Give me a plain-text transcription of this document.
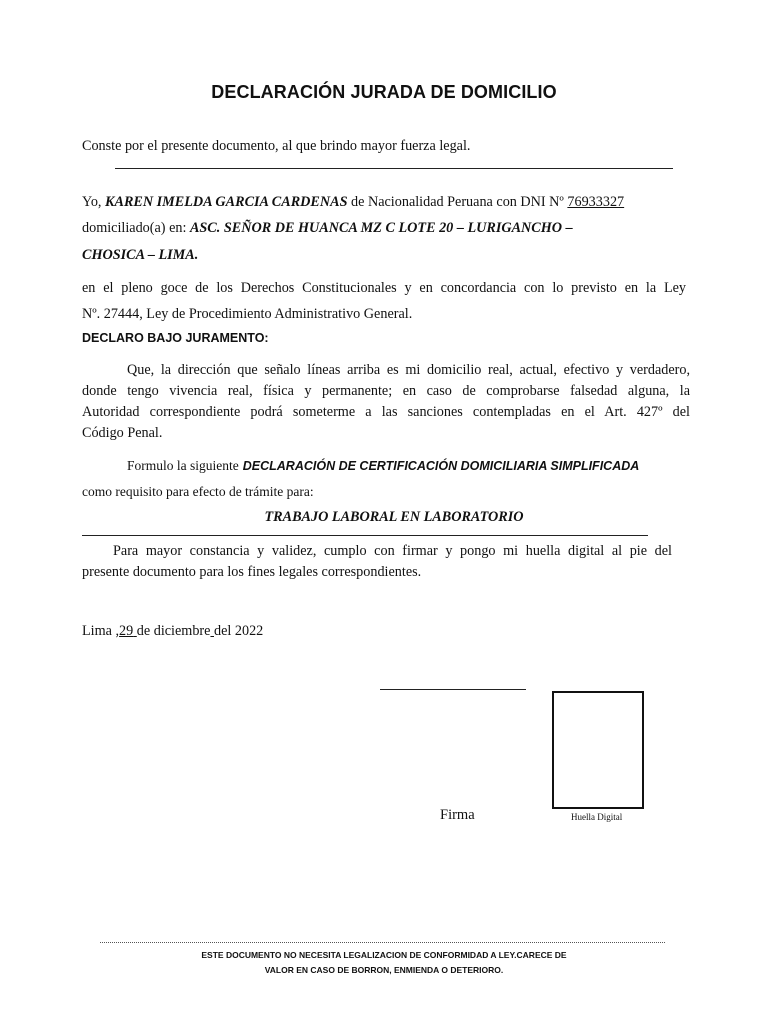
DECLARACIÓN JURADA DE DOMICILIO
Conste por el presente documento, al que brindo mayor fuerza legal.
Yo, KAREN IMELDA GARCIA CARDENAS de Nacionalidad Peruana con DNI Nº 76933327
domiciliado(a) en: ASC. SEÑOR DE HUANCA MZ C LOTE 20 – LURIGANCHO –
CHOSICA – LIMA.
en el pleno goce de los Derechos Constitucionales y en concordancia con lo previsto en la Ley
Nº. 27444, Ley de Procedimiento Administrativo General.
DECLARO BAJO JURAMENTO:
Que, la dirección que señalo líneas arriba es mi domicilio real, actual, efectivo y verdadero,
donde tengo vivencia real, física y permanente; en caso de comprobarse falsedad alguna, la
Autoridad correspondiente podrá someterme a las sanciones contempladas en el Art. 427º del
Código Penal.
Formulo la siguiente DECLARACIÓN DE CERTIFICACIÓN DOMICILIARIA SIMPLIFICADA
como requisito para efecto de trámite para:
TRABAJO LABORAL EN LABORATORIO
Para mayor constancia y validez, cumplo con firmar y pongo mi huella digital al pie del
presente documento para los fines legales correspondientes.
Lima ,29 de diciembre del 2022
Firma	Huella Digital
ESTE DOCUMENTO NO NECESITA LEGALIZACION DE CONFORMIDAD A LEY.CARECE DE
VALOR EN CASO DE BORRON, ENMIENDA O DETERIORO.
